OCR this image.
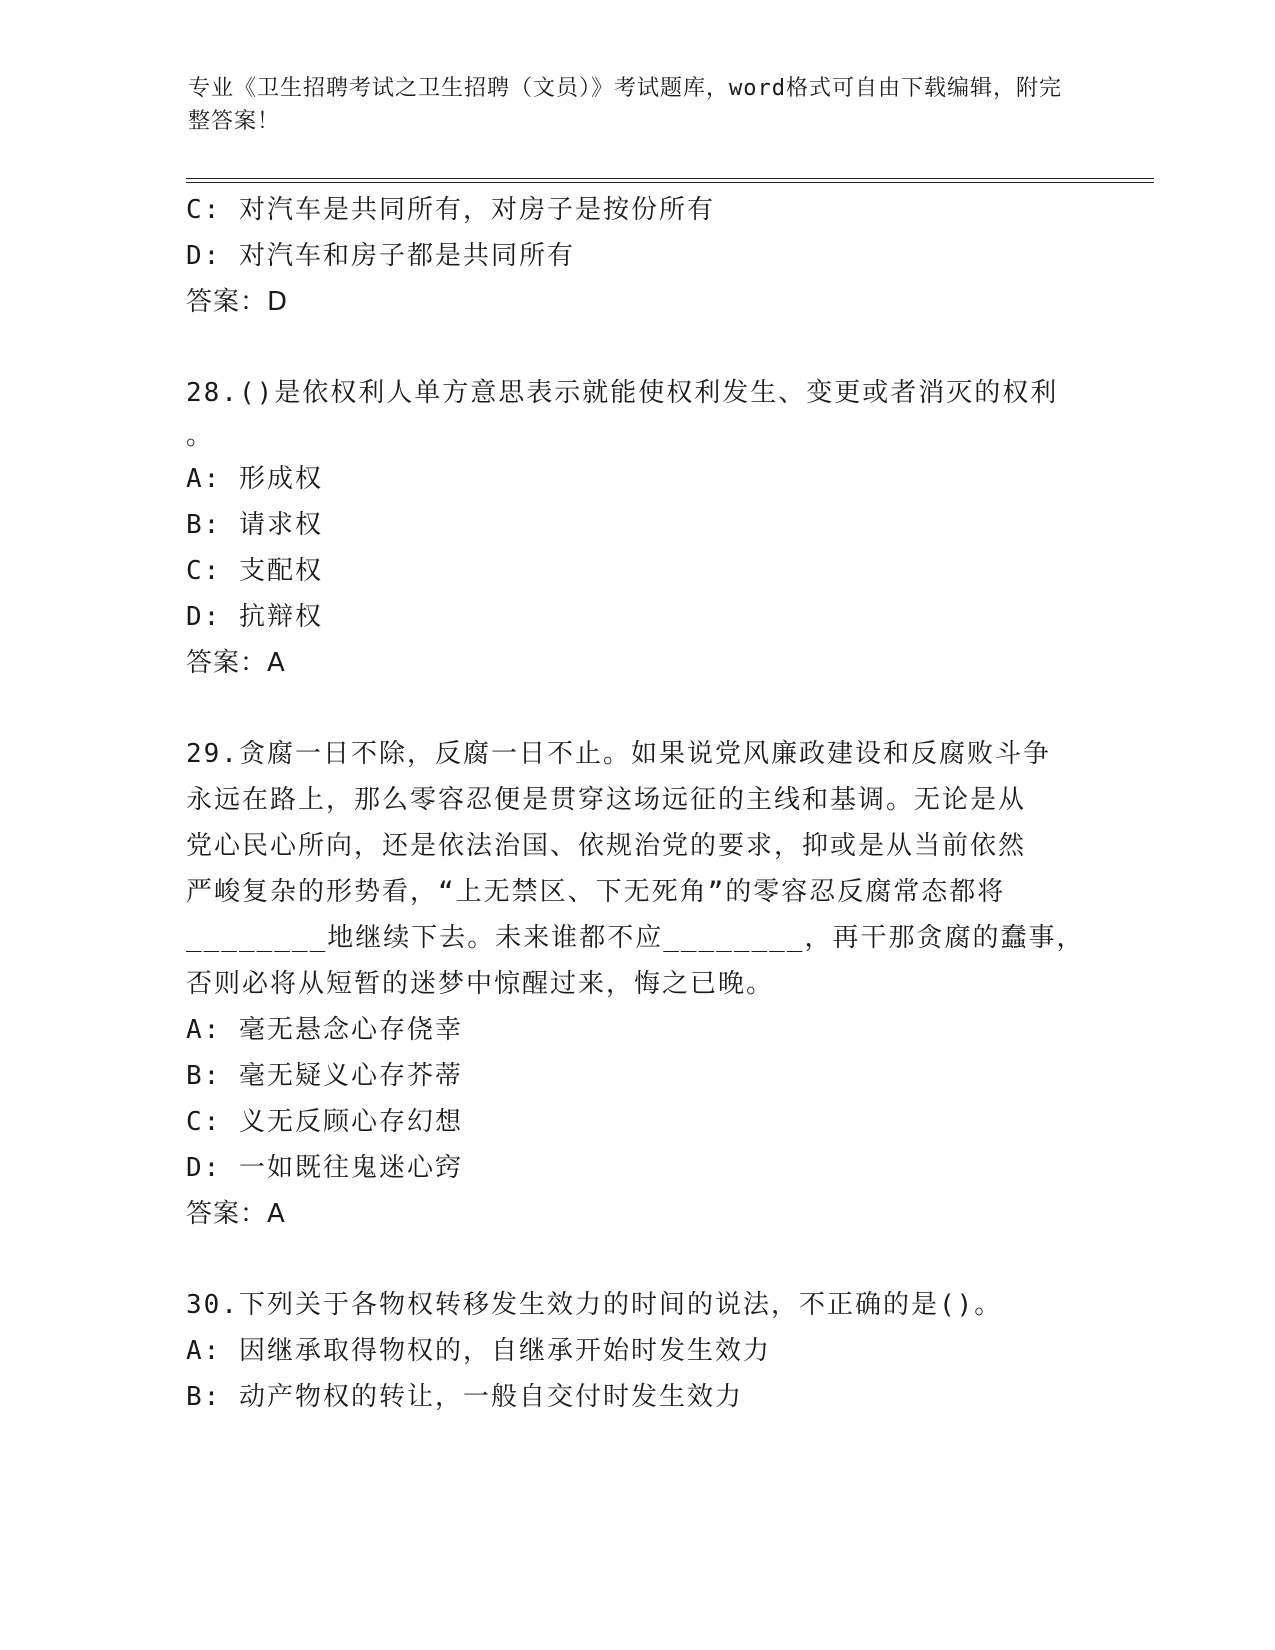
专业《卫生招聘考试之卫生招聘（文员）》考试题库，word格式可自由下载编辑，附完整答案！
C: 对汽车是共同所有，对房子是按份所有
D: 对汽车和房子都是共同所有
答案：D
28.()是依权利人单方意思表示就能使权利发生、变更或者消灭的权利
。
A: 形成权
B: 请求权
C: 支配权
D: 抗辩权
答案：A
29.贪腐一日不除，反腐一日不止。如果说党风廉政建设和反腐败斗争
永远在路上，那么零容忍便是贯穿这场远征的主线和基调。无论是从
党心民心所向，还是依法治国、依规治党的要求，抑或是从当前依然
严峻复杂的形势看，“上无禁区、下无死角”的零容忍反腐常态都将
________地继续下去。未来谁都不应________，再干那贪腐的蠢事，
否则必将从短暂的迷梦中惊醒过来，悔之已晚。
A: 毫无悬念心存侥幸
B: 毫无疑义心存芥蒂
C: 义无反顾心存幻想
D: 一如既往鬼迷心窍
答案：A
30.下列关于各物权转移发生效力的时间的说法，不正确的是()。
A: 因继承取得物权的，自继承开始时发生效力
B: 动产物权的转让，一般自交付时发生效力
